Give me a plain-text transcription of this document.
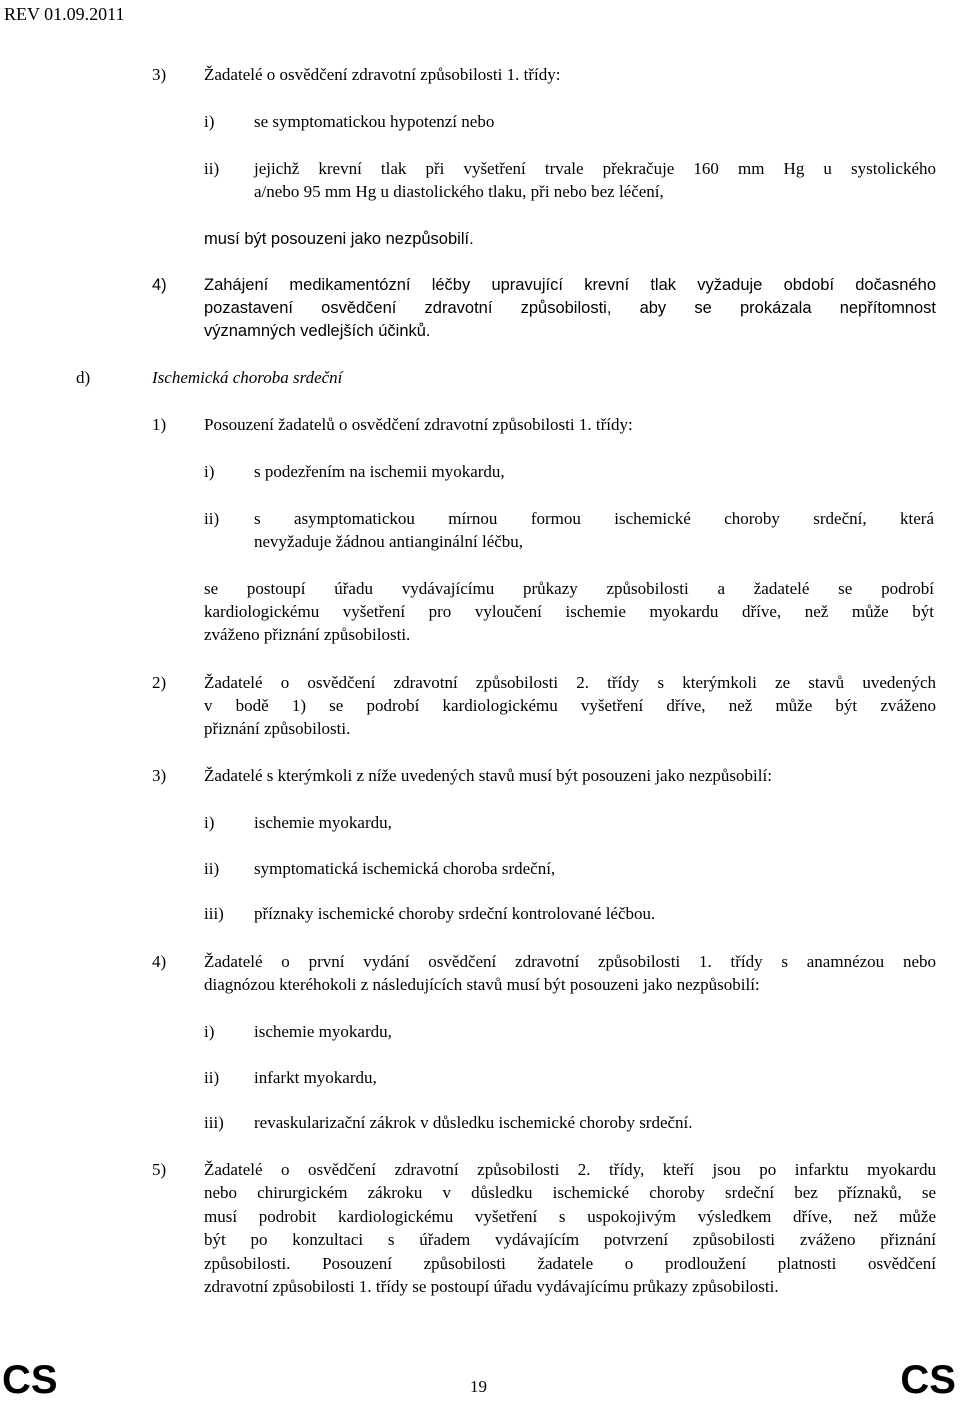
REV 01.09.2011
3) Žadatelé o osvědčení zdravotní způsobilosti 1. třídy:
i) se symptomatickou hypotenzí nebo
ii) jejichž krevní tlak při vyšetření trvale překračuje 160 mm Hg u systolického
a/nebo 95 mm Hg u diastolického tlaku, při nebo bez léčení,
musí být posouzeni jako nezpůsobilí.
4) Zahájení medikamentózní léčby upravující krevní tlak vyžaduje období dočasného
pozastavení osvědčení zdravotní způsobilosti, aby se prokázala nepřítomnost
významných vedlejších účinků.
d)	Ischemická choroba srdeční
1) Posouzení žadatelů o osvědčení zdravotní způsobilosti 1. třídy:
i) s podezřením na ischemii myokardu,
ii) s asymptomatickou mírnou formou ischemické choroby srdeční, která
nevyžaduje žádnou antianginální léčbu,
se postoupí úřadu vydávajícímu průkazy způsobilosti a žadatelé se podrobí
kardiologickému vyšetření pro vyloučení ischemie myokardu dříve, než může být
zváženo přiznání způsobilosti.
2) Žadatelé o osvědčení zdravotní způsobilosti 2. třídy s kterýmkoli ze stavů uvedených
v bodě 1) se podrobí kardiologickému vyšetření dříve, než může být zváženo
přiznání způsobilosti.
3) Žadatelé s kterýmkoli z níže uvedených stavů musí být posouzeni jako nezpůsobilí:
i) ischemie myokardu,
ii) symptomatická ischemická choroba srdeční,
iii) příznaky ischemické choroby srdeční kontrolované léčbou.
4) Žadatelé o první vydání osvědčení zdravotní způsobilosti 1. třídy s anamnézou nebo
diagnózou kteréhokoli z následujících stavů musí být posouzeni jako nezpůsobilí:
i) ischemie myokardu,
ii) infarkt myokardu,
iii) revaskularizační zákrok v důsledku ischemické choroby srdeční.
5) Žadatelé o osvědčení zdravotní způsobilosti 2. třídy, kteří jsou po infarktu myokardu
nebo chirurgickém zákroku v důsledku ischemické choroby srdeční bez příznaků, se
musí podrobit kardiologickému vyšetření s uspokojivým výsledkem dříve, než může
být po konzultaci s úřadem vydávajícím potvrzení způsobilosti zváženo přiznání
způsobilosti. Posouzení způsobilosti žadatele o prodloužení platnosti osvědčení
zdravotní způsobilosti 1. třídy se postoupí úřadu vydávajícímu průkazy způsobilosti.
CS	19	CS
